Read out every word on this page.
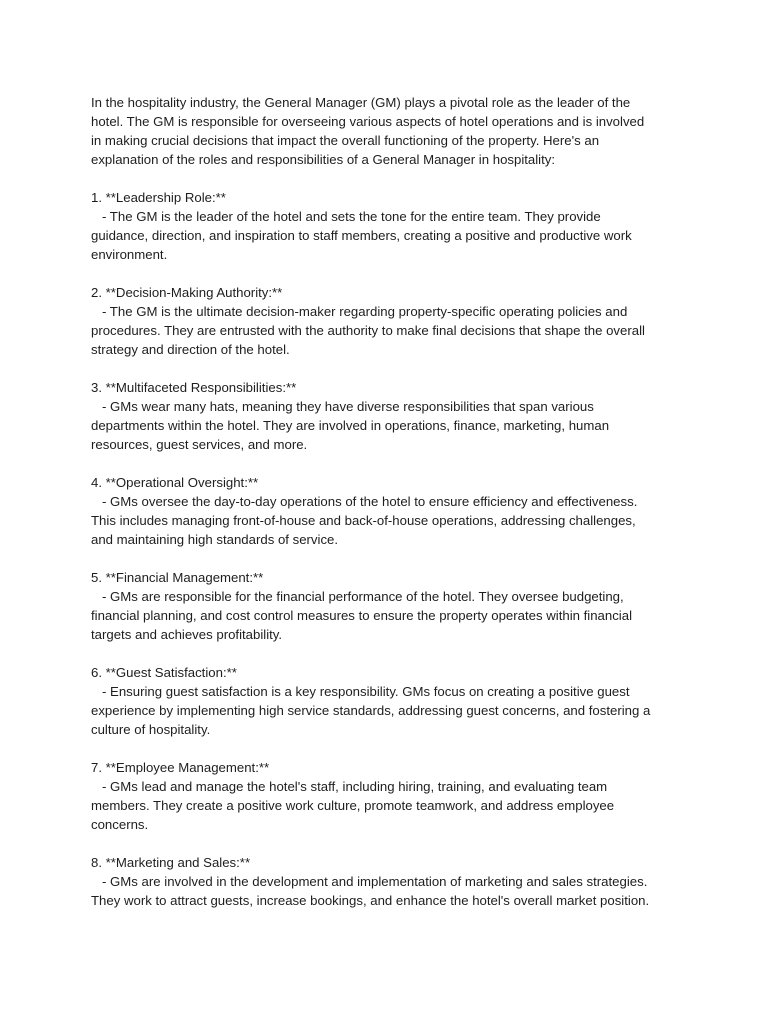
In the hospitality industry, the General Manager (GM) plays a pivotal role as the leader of the
hotel. The GM is responsible for overseeing various aspects of hotel operations and is involved
in making crucial decisions that impact the overall functioning of the property. Here's an
explanation of the roles and responsibilities of a General Manager in hospitality:
1. **Leadership Role:**
- The GM is the leader of the hotel and sets the tone for the entire team. They provide
guidance, direction, and inspiration to staff members, creating a positive and productive work
environment.
2. **Decision-Making Authority:**
- The GM is the ultimate decision-maker regarding property-specific operating policies and
procedures. They are entrusted with the authority to make final decisions that shape the overall
strategy and direction of the hotel.
3. **Multifaceted Responsibilities:**
- GMs wear many hats, meaning they have diverse responsibilities that span various
departments within the hotel. They are involved in operations, finance, marketing, human
resources, guest services, and more.
4. **Operational Oversight:**
- GMs oversee the day-to-day operations of the hotel to ensure efficiency and effectiveness.
This includes managing front-of-house and back-of-house operations, addressing challenges,
and maintaining high standards of service.
5. **Financial Management:**
- GMs are responsible for the financial performance of the hotel. They oversee budgeting,
financial planning, and cost control measures to ensure the property operates within financial
targets and achieves profitability.
6. **Guest Satisfaction:**
- Ensuring guest satisfaction is a key responsibility. GMs focus on creating a positive guest
experience by implementing high service standards, addressing guest concerns, and fostering a
culture of hospitality.
7. **Employee Management:**
- GMs lead and manage the hotel's staff, including hiring, training, and evaluating team
members. They create a positive work culture, promote teamwork, and address employee
concerns.
8. **Marketing and Sales:**
- GMs are involved in the development and implementation of marketing and sales strategies.
They work to attract guests, increase bookings, and enhance the hotel's overall market position.
